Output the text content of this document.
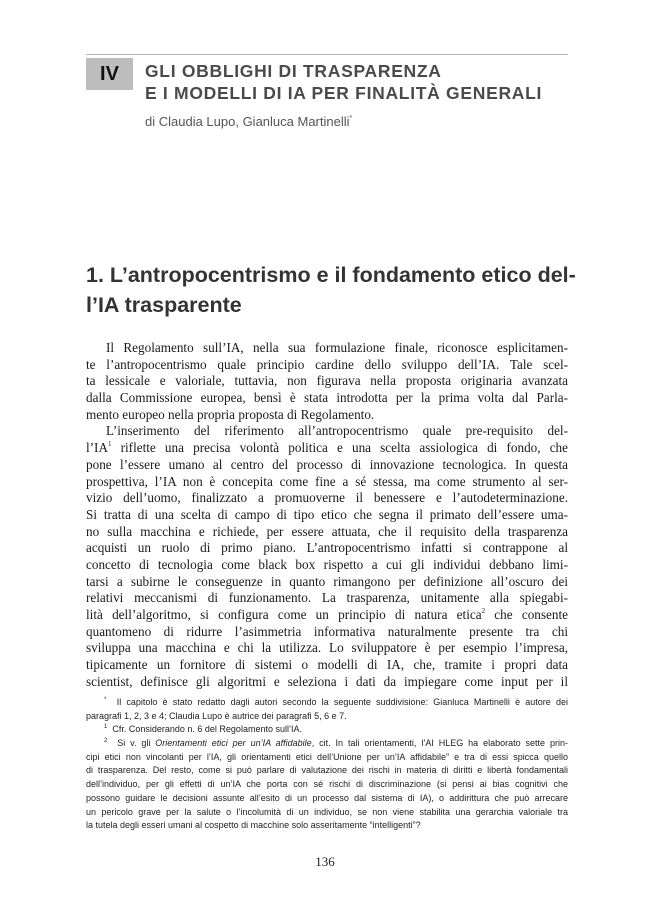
IV	GLI OBBLIGHI DI TRASPARENZA
E I MODELLI DI IA PER FINALITÀ GENERALI
di Claudia Lupo, Gianluca Martinelli*
1. L’antropocentrismo e il fondamento etico del-
l’IA trasparente
Il Regolamento sull’IA, nella sua formulazione finale, riconosce esplicitamen-
te l’antropocentrismo quale principio cardine dello sviluppo dell’IA. Tale scel-
ta lessicale e valoriale, tuttavia, non figurava nella proposta originaria avanzata
dalla Commissione europea, bensì è stata introdotta per la prima volta dal Parla-
mento europeo nella propria proposta di Regolamento.
L’inserimento del riferimento all’antropocentrismo quale pre-requisito del-
$l’IA^1$ riflette una precisa volontà politica e una scelta assiologica di fondo, che
pone l’essere umano al centro del processo di innovazione tecnologica. In questa
prospettiva, l’IA non è concepita come fine a sé stessa, ma come strumento al ser-
vizio dell’uomo, finalizzato a promuoverne il benessere e l’autodeterminazione.
Si tratta di una scelta di campo di tipo etico che segna il primato dell’essere uma-
no sulla macchina e richiede, per essere attuata, che il requisito della trasparenza
acquisti un ruolo di primo piano. L’antropocentrismo infatti si contrappone al
concetto di tecnologia come black box rispetto a cui gli individui debbano limi-
tarsi a subirne le conseguenze in quanto rimangono per definizione all’oscuro dei
relativi meccanismi di funzionamento. La trasparenza, unitamente alla spiegabi-
lità dell’algoritmo, si configura come un principio di natura etica$^2$ che consente
quantomeno di ridurre l’asimmetria informativa naturalmente presente tra chi
sviluppa una macchina e chi la utilizza. Lo sviluppatore è per esempio l’impresa,
tipicamente un fornitore di sistemi o modelli di IA, che, tramite i propri data
scientist, definisce gli algoritmi e seleziona i dati da impiegare come input per il
* Il capitolo è stato redatto dagli autori secondo la seguente suddivisione: Gianluca Martinelli è autore dei
paragrafi 1, 2, 3 e 4; Claudia Lupo è autrice dei paragrafi 5, 6 e 7.
$^1$ Cfr. Considerando n. 6 del Regolamento sull’IA.
$^2$ Si v. gli Orientamenti etici per un’IA affidabile, cit. In tali orientamenti, l’AI HLEG ha elaborato sette prin-
cipi etici non vincolanti per l’IA, gli orientamenti etici dell’Unione per un’IA affidabile” e tra di essi spicca quello
di trasparenza. Del resto, come si può parlare di valutazione dei rischi in materia di diritti e libertà fondamentali
dell’individuo, per gli effetti di un’IA che porta con sé rischi di discriminazione (si pensi ai bias cognitivi che
possono guidare le decisioni assunte all’esito di un processo dal sistema di IA), o addirittura che può arrecare
un pericolo grave per la salute o l’incolumità di un individuo, se non viene stabilita una gerarchia valoriale tra
la tutela degli esseri umani al cospetto di macchine solo asseritamente “intelligenti”?
136
